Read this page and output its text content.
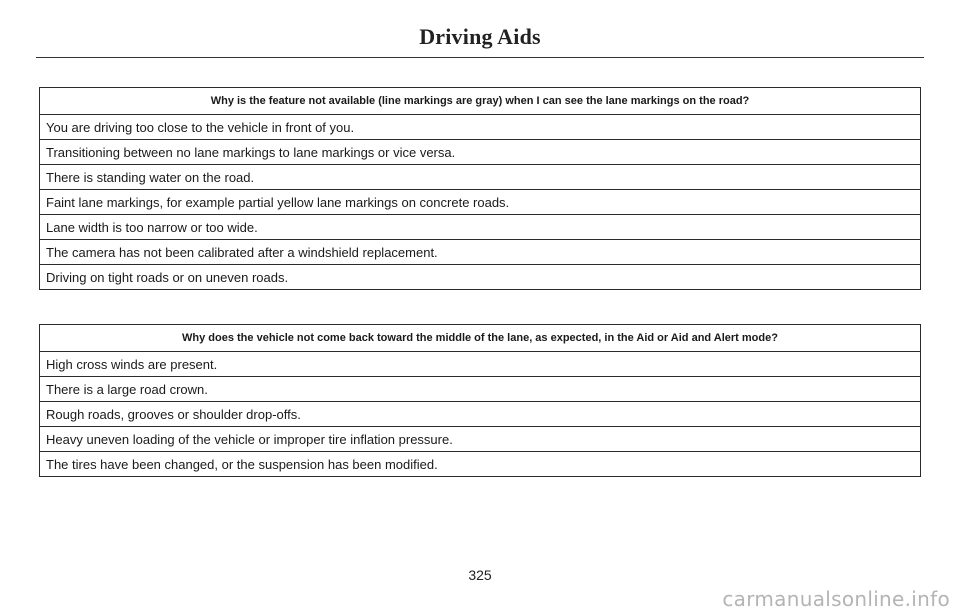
Driving Aids
Why is the feature not available (line markings are gray) when I can see the lane markings on the road?
You are driving too close to the vehicle in front of you.
Transitioning between no lane markings to lane markings or vice versa.
There is standing water on the road.
Faint lane markings, for example partial yellow lane markings on concrete roads.
Lane width is too narrow or too wide.
The camera has not been calibrated after a windshield replacement.
Driving on tight roads or on uneven roads.
Why does the vehicle not come back toward the middle of the lane, as expected, in the Aid or Aid and Alert mode?
High cross winds are present.
There is a large road crown.
Rough roads, grooves or shoulder drop-offs.
Heavy uneven loading of the vehicle or improper tire inflation pressure.
The tires have been changed, or the suspension has been modified.
325
carmanualsonline.info
